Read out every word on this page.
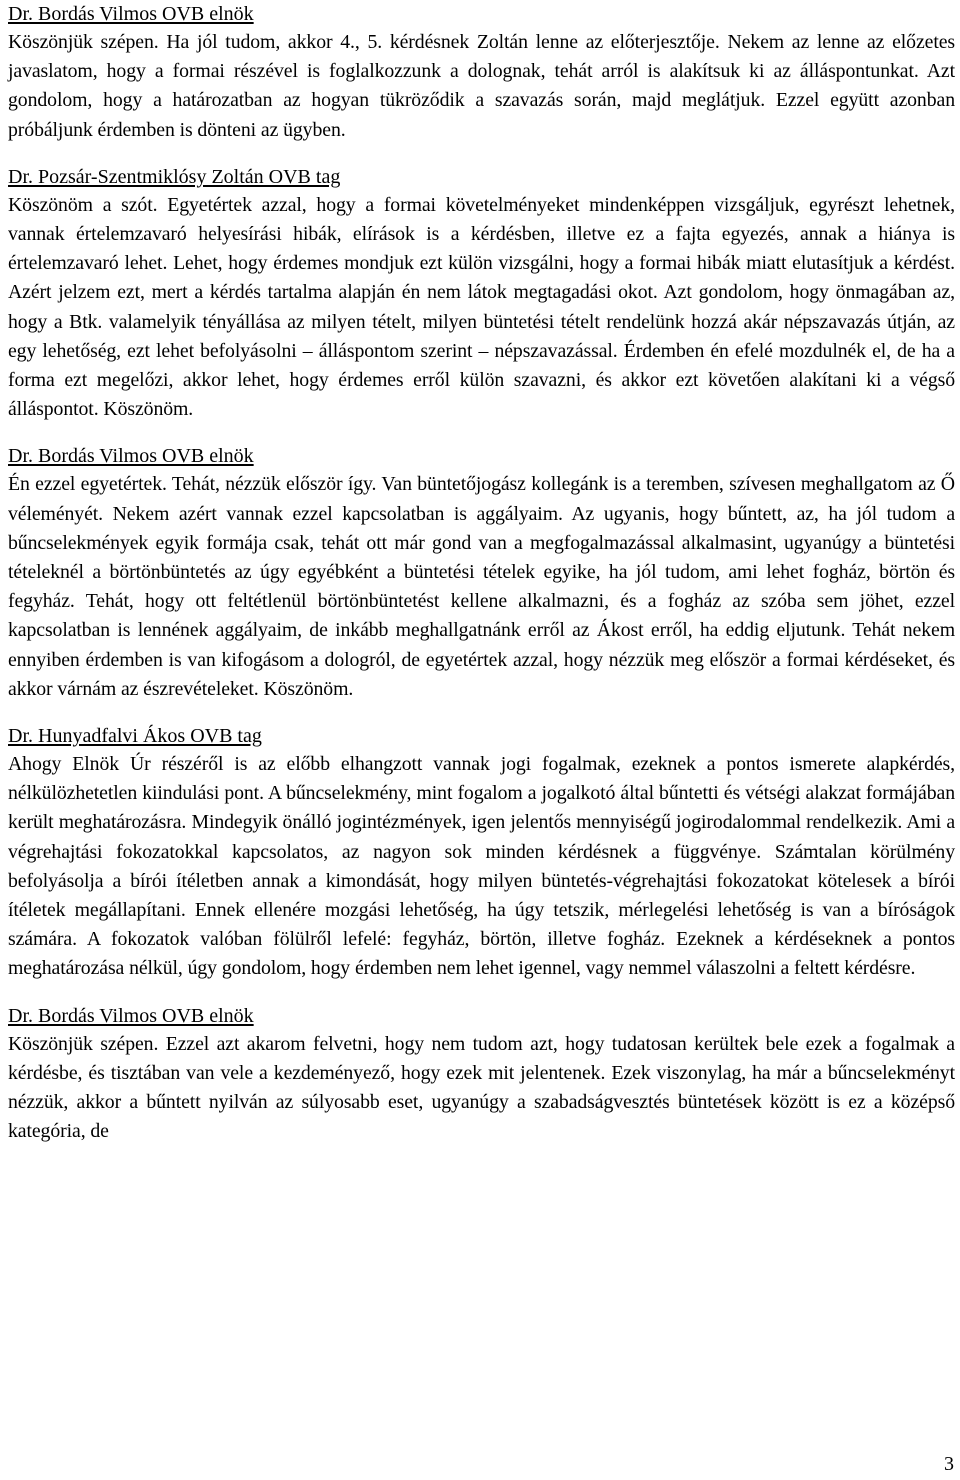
Dr. Bordás Vilmos OVB elnök

Köszönjük szépen. Ha jól tudom, akkor 4., 5. kérdésnek Zoltán lenne az előterjesztője. Nekem az lenne az előzetes javaslatom, hogy a formai részével is foglalkozzunk a dolognak, tehát arról is alakítsuk ki az álláspontunkat. Azt gondolom, hogy a határozatban az hogyan tükröződik a szavazás során, majd meglátjuk. Ezzel együtt azonban próbáljunk érdemben is dönteni az ügyben.

Dr. Pozsár-Szentmiklósy Zoltán OVB tag

Köszönöm a szót. Egyetértek azzal, hogy a formai követelményeket mindenképpen vizsgáljuk, egyrészt lehetnek, vannak értelemzavaró helyesírási hibák, elírások is a kérdésben, illetve ez a fajta egyezés, annak a hiánya is értelemzavaró lehet. Lehet, hogy érdemes mondjuk ezt külön vizsgálni, hogy a formai hibák miatt elutasítjuk a kérdést. Azért jelzem ezt, mert a kérdés tartalma alapján én nem látok megtagadási okot. Azt gondolom, hogy önmagában az, hogy a Btk. valamelyik tényállása az milyen tételt, milyen büntetési tételt rendelünk hozzá akár népszavazás útján, az egy lehetőség, ezt lehet befolyásolni – álláspontom szerint – népszavazással. Érdemben én efelé mozdulnék el, de ha a forma ezt megelőzi, akkor lehet, hogy érdemes erről külön szavazni, és akkor ezt követően alakítani ki a végső álláspontot. Köszönöm.

Dr. Bordás Vilmos OVB elnök

Én ezzel egyetértek. Tehát, nézzük először így. Van büntetőjogász kollegánk is a teremben, szívesen meghallgatom az Ő véleményét. Nekem azért vannak ezzel kapcsolatban is aggályaim. Az ugyanis, hogy bűntett, az, ha jól tudom a bűncselekmények egyik formája csak, tehát ott már gond van a megfogalmazással alkalmasint, ugyanúgy a büntetési tételeknél a börtönbüntetés az úgy egyébként a büntetési tételek egyike, ha jól tudom, ami lehet fogház, börtön és fegyház. Tehát, hogy ott feltétlenül börtönbüntetést kellene alkalmazni, és a fogház az szóba sem jöhet, ezzel kapcsolatban is lennének aggályaim, de inkább meghallgatnánk erről az Ákost erről, ha eddig eljutunk. Tehát nekem ennyiben érdemben is van kifogásom a dologról, de egyetértek azzal, hogy nézzük meg először a formai kérdéseket, és akkor várnám az észrevételeket. Köszönöm.

Dr. Hunyadfalvi Ákos OVB tag

Ahogy Elnök Úr részéről is az előbb elhangzott vannak jogi fogalmak, ezeknek a pontos ismerete alapkérdés, nélkülözhetetlen kiindulási pont. A bűncselekmény, mint fogalom a jogalkotó által bűntetti és vétségi alakzat formájában került meghatározásra. Mindegyik önálló jogintézmények, igen jelentős mennyiségű jogirodalommal rendelkezik. Ami a végrehajtási fokozatokkal kapcsolatos, az nagyon sok minden kérdésnek a függvénye. Számtalan körülmény befolyásolja a bírói ítéletben annak a kimondását, hogy milyen büntetés-végrehajtási fokozatokat kötelesek a bírói ítéletek megállapítani. Ennek ellenére mozgási lehetőség, ha úgy tetszik, mérlegelési lehetőség is van a bíróságok számára. A fokozatok valóban fölülről lefelé: fegyház, börtön, illetve fogház. Ezeknek a kérdéseknek a pontos meghatározása nélkül, úgy gondolom, hogy érdemben nem lehet igennel, vagy nemmel válaszolni a feltett kérdésre.

Dr. Bordás Vilmos OVB elnök

Köszönjük szépen. Ezzel azt akarom felvetni, hogy nem tudom azt, hogy tudatosan kerültek bele ezek a fogalmak a kérdésbe, és tisztában van vele a kezdeményező, hogy ezek mit jelentenek. Ezek viszonylag, ha már a bűncselekményt nézzük, akkor a bűntett nyilván az súlyosabb eset, ugyanúgy a szabadságvesztés büntetések között is ez a középső kategória, de

3
